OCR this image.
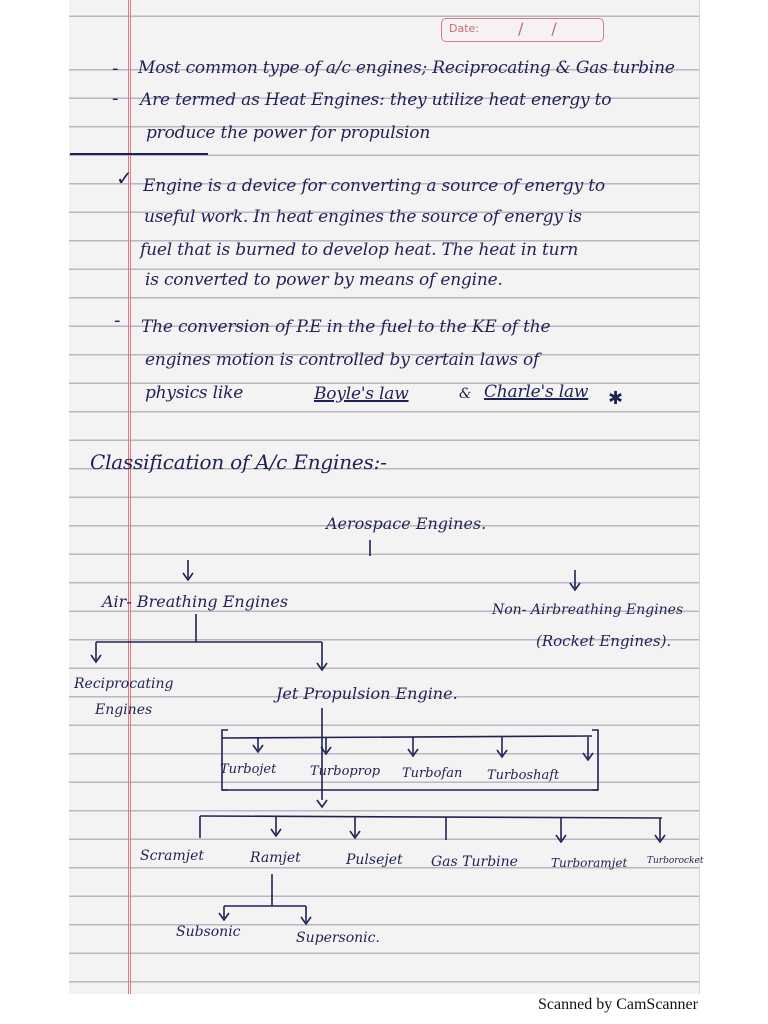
Date: //
- Most common type of a/c engines; Reciprocating & Gas turbine

- Are termed as Heat Engines: they utilize heat energy to

produce the power for propulsion

✓ Engine is a device for converting a source of energy to

useful work. In heat engines the source of energy is

fuel that is burned to develop heat. The heat in turn

is converted to power by means of engine.

- The conversion of P.E in the fuel to the KE of the

engines motion is controlled by certain laws of

physics like	Boyle's law	& Charle's law ✱

Classification of A/c Engines:-

Aerospace Engines.

Air- Breathing Engines	Non- Airbreathing Engines

(Rocket Engines).

Reciprocating

Engines

Jet Propulsion Engine.

Turbojet	Turboprop Turbofan Turboshaft

Scramjet	Ramjet	Pulsejet Gas Turbine	Turboramjet Turborocket

Subsonic	Supersonic.

Scanned by CamScanner
